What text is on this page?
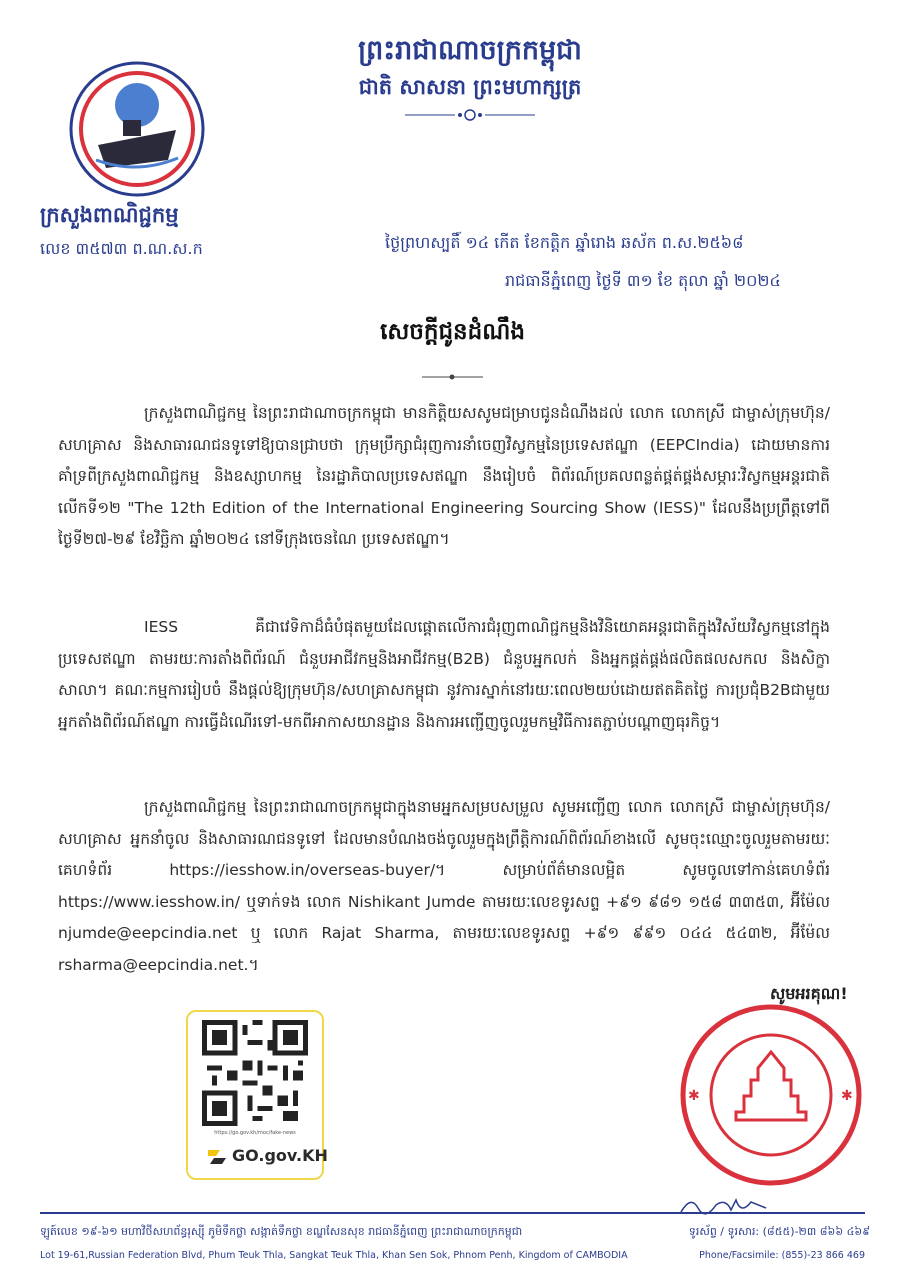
ព្រះរាជាណាចក្រកម្ពុជា
ជាតិ សាសនា ព្រះមហាក្សត្រ
ក្រសួងពាណិជ្ជកម្ម
លេខ ៣៥៧៣ ព.ណ.ស.ក	ថ្ងៃព្រហស្បតិ៍ ១៤ កើត ខែកត្តិក ឆ្នាំរោង ឆស័ក ព.ស.២៥៦៨
រាជធានីភ្នំពេញ ថ្ងៃទី ៣១ ខែ តុលា ឆ្នាំ ២០២៤
សេចក្តីជូនដំណឹង
ក្រសួងពាណិជ្ជកម្ម នៃព្រះរាជាណាចក្រកម្ពុជា មានកិត្តិយសសូមជម្រាបជូនដំណឹងដល់ លោក លោកស្រី ជាម្ចាស់ក្រុមហ៊ុន/សហគ្រាស និងសាធារណជនទូទៅឱ្យបានជ្រាបថា ក្រុមប្រឹក្សាជំរុញការនាំចេញវិស្វកម្មនៃប្រទេសឥណ្ឌា (EEPCIndia) ដោយមានការគាំទ្រពីក្រសួងពាណិជ្ជកម្ម និងឧស្សាហកម្ម នៃរដ្ឋាភិបាលប្រទេសឥណ្ឌា នឹងរៀបចំ ពិព័រណ៍ប្រគលពន្លត់ផ្គត់ផ្គង់សម្ភារៈវិស្វកម្មអន្តរជាតិ លើកទី១២ "The 12th Edition of the International Engineering Sourcing Show (IESS)" ដែលនឹងប្រព្រឹត្តទៅពីថ្ងៃទី២៧-២៩ ខែវិច្ឆិកា ឆ្នាំ២០២៤ នៅទីក្រុងចេនណៃ ប្រទេសឥណ្ឌា។
IESS គឺជាវេទិកាដ៏ធំបំផុតមួយដែលផ្តោតលើការជំរុញពាណិជ្ជកម្មនិងវិនិយោគអន្តរជាតិក្នុងវិស័យវិស្វកម្មនៅក្នុងប្រទេសឥណ្ឌា តាមរយៈការតាំងពិព័រណ៍ ជំនួបអាជីវកម្មនិងអាជីវកម្ម(B2B) ជំនួបអ្នកលក់ និងអ្នកផ្គត់ផ្គង់ផលិតផលសកល និងសិក្ខាសាលា។ គណៈកម្មការរៀបចំ នឹងផ្តល់ឱ្យក្រុមហ៊ុន/សហគ្រាសកម្ពុជា នូវការស្នាក់នៅរយៈពេល២យប់ដោយឥតគិតថ្លៃ ការប្រជុំB2Bជាមួយអ្នកតាំងពិព័រណ៍ឥណ្ឌា ការធ្វើដំណើរទៅ-មកពីអាកាសយានដ្ឋាន និងការអញ្ជើញចូលរួមកម្មវិធីការតភ្ជាប់បណ្តាញធុរកិច្ច។
ក្រសួងពាណិជ្ជកម្ម នៃព្រះរាជាណាចក្រកម្ពុជាក្នុងនាមអ្នកសម្របសម្រួល សូមអញ្ជើញ លោក លោកស្រី ជាម្ចាស់ក្រុមហ៊ុន/សហគ្រាស អ្នកនាំចូល និងសាធារណជនទូទៅ ដែលមានបំណងចង់ចូលរួមក្នុងព្រឹត្តិការណ៍ពិព័រណ៍ខាងលើ សូមចុះឈ្មោះចូលរួមតាមរយៈគេហទំព័រ https://iesshow.in/overseas-buyer/។ សម្រាប់ព័ត៌មានលម្អិត សូមចូលទៅកាន់គេហទំព័រ https://www.iesshow.in/ ឬទាក់ទង លោក Nishikant Jumde តាមរយៈលេខទូរសព្ទ +៩១ ៩៨១ ១៥៨ ៣៣៥៣, អ៊ីម៉ែល njumde@eepcindia.net ឬ លោក Rajat Sharma, តាមរយៈលេខទូរសព្ទ +៩១ ៩៩១ ០៤៤ ៥៤៣២, អ៊ីម៉ែល rsharma@eepcindia.net.។
សូមអរគុណ!
https://go.gov.kh/moc/fake-news
GO.gov.KH
✱	✱
ឡូត៍លេខ ១៩-៦១ មហាវិថីសហព័ន្ធរុស្ស៊ី ភូមិទឹកថ្លា សង្កាត់ទឹកថ្លា ខណ្ឌសែនសុខ រាជធានីភ្នំពេញ ព្រះរាជាណាចក្រកម្ពុជា	ទូរស័ព្ទ / ទូរសារ: (៨៥៥)-២៣ ៨៦៦ ៤៦៩
Lot 19-61,Russian Federation Blvd, Phum Teuk Thla, Sangkat Teuk Thla, Khan Sen Sok, Phnom Penh, Kingdom of CAMBODIA	Phone/Facsimile: (855)-23 866 469
